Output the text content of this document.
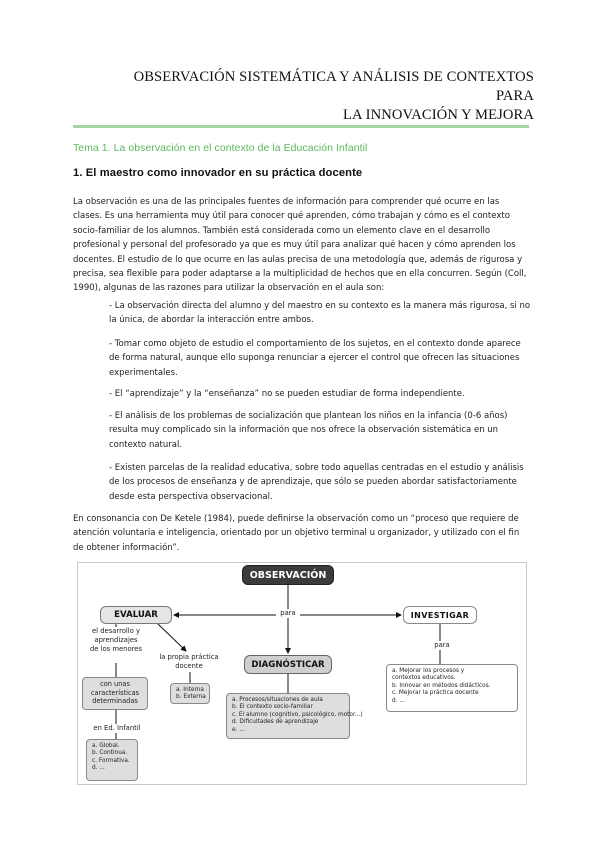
OBSERVACIÓN SISTEMÁTICA Y ANÁLISIS DE CONTEXTOS PARA
LA INNOVACIÓN Y MEJORA
Tema 1. La observación en el contexto de la Educación Infantil
1. El maestro como innovador en su práctica docente
La observación es una de las principales fuentes de información para comprender qué ocurre en las clases. Es una herramienta muy útil para conocer qué aprenden, cómo trabajan y cómo es el contexto socio-familiar de los alumnos. También está considerada como un elemento clave en el desarrollo profesional y personal del profesorado ya que es muy útil para analizar qué hacen y cómo aprenden los docentes. El estudio de lo que ocurre en las aulas precisa de una metodología que, además de rigurosa y precisa, sea flexible para poder adaptarse a la multiplicidad de hechos que en ella concurren. Según (Coll, 1990), algunas de las razones para utilizar la observación en el aula son:
- La observación directa del alumno y del maestro en su contexto es la manera más rigurosa, si no la única, de abordar la interacción entre ambos.
- Tomar como objeto de estudio el comportamiento de los sujetos, en el contexto donde aparece de forma natural, aunque ello suponga renunciar a ejercer el control que ofrecen las situaciones experimentales.
- El “aprendizaje” y la “enseñanza” no se pueden estudiar de forma independiente.
- El análisis de los problemas de socialización que plantean los niños en la infancia (0-6 años) resulta muy complicado sin la información que nos ofrece la observación sistemática en un contexto natural.
- Existen parcelas de la realidad educativa, sobre todo aquellas centradas en el estudio y análisis de los procesos de enseñanza y de aprendizaje, que sólo se pueden abordar satisfactoriamente desde esta perspectiva observacional.
En consonancia con De Ketele (1984), puede definirse la observación como un “proceso que requiere de atención voluntaria e inteligencia, orientado por un objetivo terminal u organizador, y utilizado con el fin de obtener información”.
OBSERVACIÓN
para
EVALUAR	INVESTIGAR
DIAGNÓSTICAR
para
el desarrollo y
aprendizajes
de los menores
la propia práctica
docente
con unas
características
determinadas
en Ed. Infantil
a. Global.
b. Continua.
c. Formativa.
d. ...
a. Interna
b. Externa	a. Procesos/situaciones de aula
b. El contexto socio-familiar
c. El alumno (cognitivo, psicológico, motor...)
d. Dificultades de aprendizaje
e. ...
a. Mejorar los procesos y
contextos educativos.
b. Innovar en métodos didácticos.
c. Mejorar la práctica docente
d. ...
